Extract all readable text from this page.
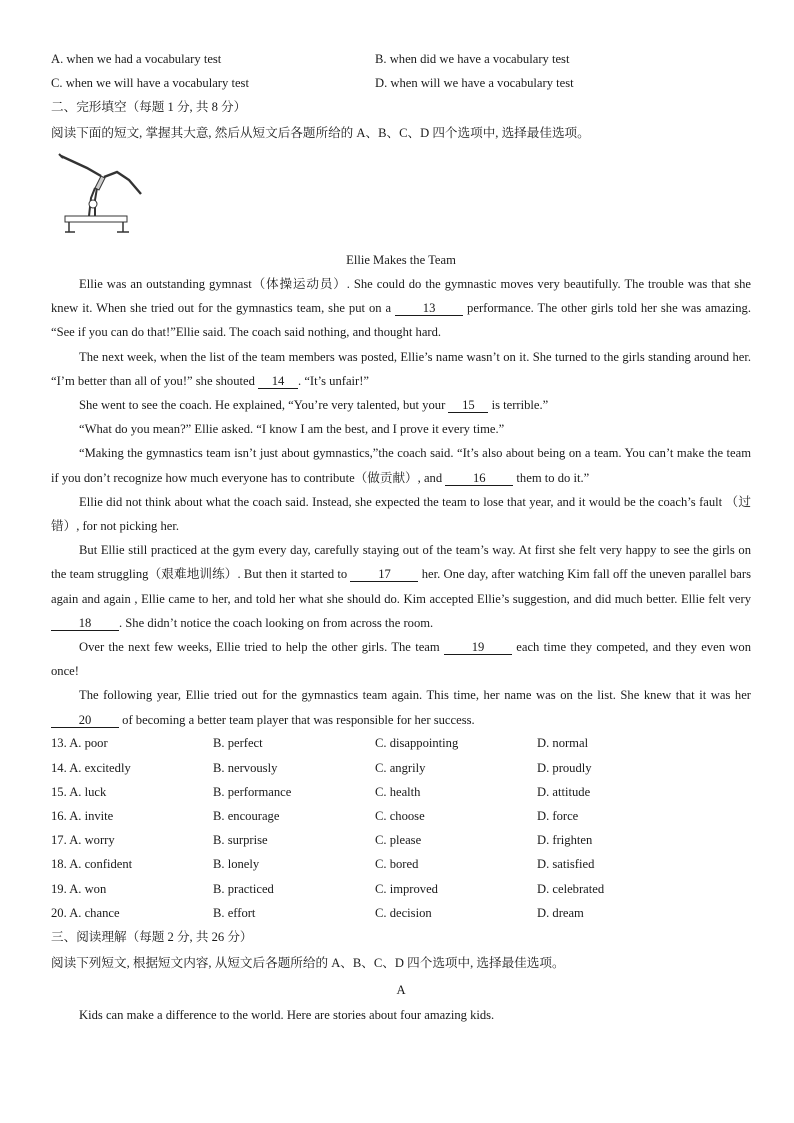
A. when we had a vocabulary test	B. when did we have a vocabulary test
C. when we will have a vocabulary test	D. when will we have a vocabulary test
二、完形填空（每题 1 分, 共 8 分）
阅读下面的短文, 掌握其大意, 然后从短文后各题所给的 A、B、C、D 四个选项中, 选择最佳选项。
Ellie Makes the Team

Ellie was an outstanding gymnast（体操运动员）. She could do the gymnastic moves very beautifully. The trouble was that she knew it. When she tried out for the gymnastics team, she put on a 13 performance. The other girls told her she was amazing. “See if you can do that!”Ellie said. The coach said nothing, and thought hard.

The next week, when the list of the team members was posted, Ellie’s name wasn’t on it. She turned to the girls standing around her. “I’m better than all of you!” she shouted 14 . “It’s unfair!”

She went to see the coach. He explained, “You’re very talented, but your 15 is terrible.”

“What do you mean?” Ellie asked. “I know I am the best, and I prove it every time.”

“Making the gymnastics team isn’t just about gymnastics,”the coach said. “It’s also about being on a team. You can’t make the team if you don’t recognize how much everyone has to contribute（做贡献）, and 16 them to do it.”

Ellie did not think about what the coach said. Instead, she expected the team to lose that year, and it would be the coach’s fault （过错）, for not picking her.

But Ellie still practiced at the gym every day, carefully staying out of the team’s way. At first she felt very happy to see the girls on the team struggling（艰难地训练）. But then it started to 17 her. One day, after watching Kim fall off the uneven parallel bars again and again , Ellie came to her, and told her what she should do. Kim accepted Ellie’s suggestion, and did much better. Ellie felt very 18 . She didn’t notice the coach looking on from across the room.

Over the next few weeks, Ellie tried to help the other girls. The team 19 each time they competed, and they even won once!

The following year, Ellie tried out for the gymnastics team again. This time, her name was on the list. She knew that it was her 20 of becoming a better team player that was responsible for her success.

13. A. poor	B. perfect	C. disappointing	D. normal
14. A. excitedly	B. nervously	C. angrily	D. proudly
15. A. luck	B. performance	C. health	D. attitude
16. A. invite	B. encourage	C. choose	D. force
17. A. worry	B. surprise	C. please	D. frighten
18. A. confident	B. lonely	C. bored	D. satisfied
19. A. won	B. practiced	C. improved	D. celebrated
20. A. chance	B. effort	C. decision	D. dream
三、阅读理解（每题 2 分, 共 26 分）
阅读下列短文, 根据短文内容, 从短文后各题所给的 A、B、C、D 四个选项中, 选择最佳选项。
A

Kids can make a difference to the world. Here are stories about four amazing kids.
